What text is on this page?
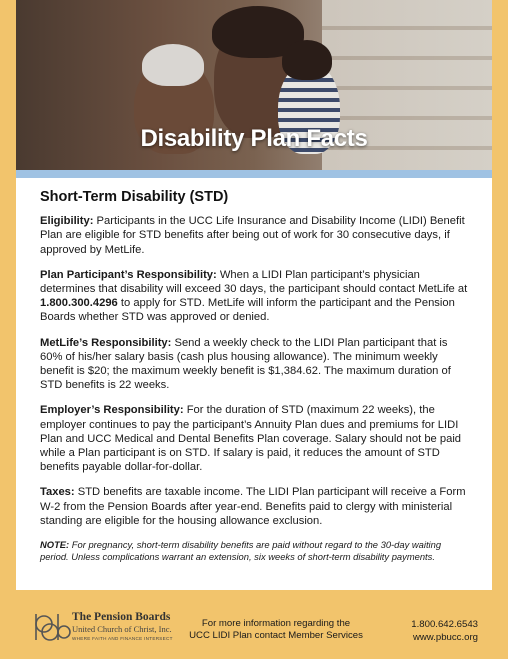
Disability Plan Facts
Short-Term Disability (STD)

Eligibility: Participants in the UCC Life Insurance and Disability Income (LIDI) Benefit Plan are eligible for STD benefits after being out of work for 30 consecutive days, if approved by MetLife.

Plan Participant’s Responsibility: When a LIDI Plan participant’s physician determines that disability will exceed 30 days, the participant should contact MetLife at 1.800.300.4296 to apply for STD. MetLife will inform the participant and the Pension Boards whether STD was approved or denied.

MetLife’s Responsibility: Send a weekly check to the LIDI Plan participant that is 60% of his/her salary basis (cash plus housing allowance). The minimum weekly benefit is $20; the maximum weekly benefit is $1,384.62. The maximum duration of STD benefits is 22 weeks.

Employer’s Responsibility: For the duration of STD (maximum 22 weeks), the employer continues to pay the participant’s Annuity Plan dues and premiums for LIDI Plan and UCC Medical and Dental Benefits Plan coverage. Salary should not be paid while a Plan participant is on STD. If salary is paid, it reduces the amount of STD benefits payable dollar-for-dollar.

Taxes: STD benefits are taxable income. The LIDI Plan participant will receive a Form W-2 from the Pension Boards after year-end. Benefits paid to clergy with ministerial standing are eligible for the housing allowance exclusion.

NOTE: For pregnancy, short-term disability benefits are paid without regard to the 30-day waiting period. Unless complications warrant an extension, six weeks of short-term disability payments.

The Pension Boards
United Church of Christ, Inc.
WHERE FAITH AND FINANCE INTERSECT
For more information regarding the
UCC LIDI Plan contact Member Services
1.800.642.6543
www.pbucc.org
